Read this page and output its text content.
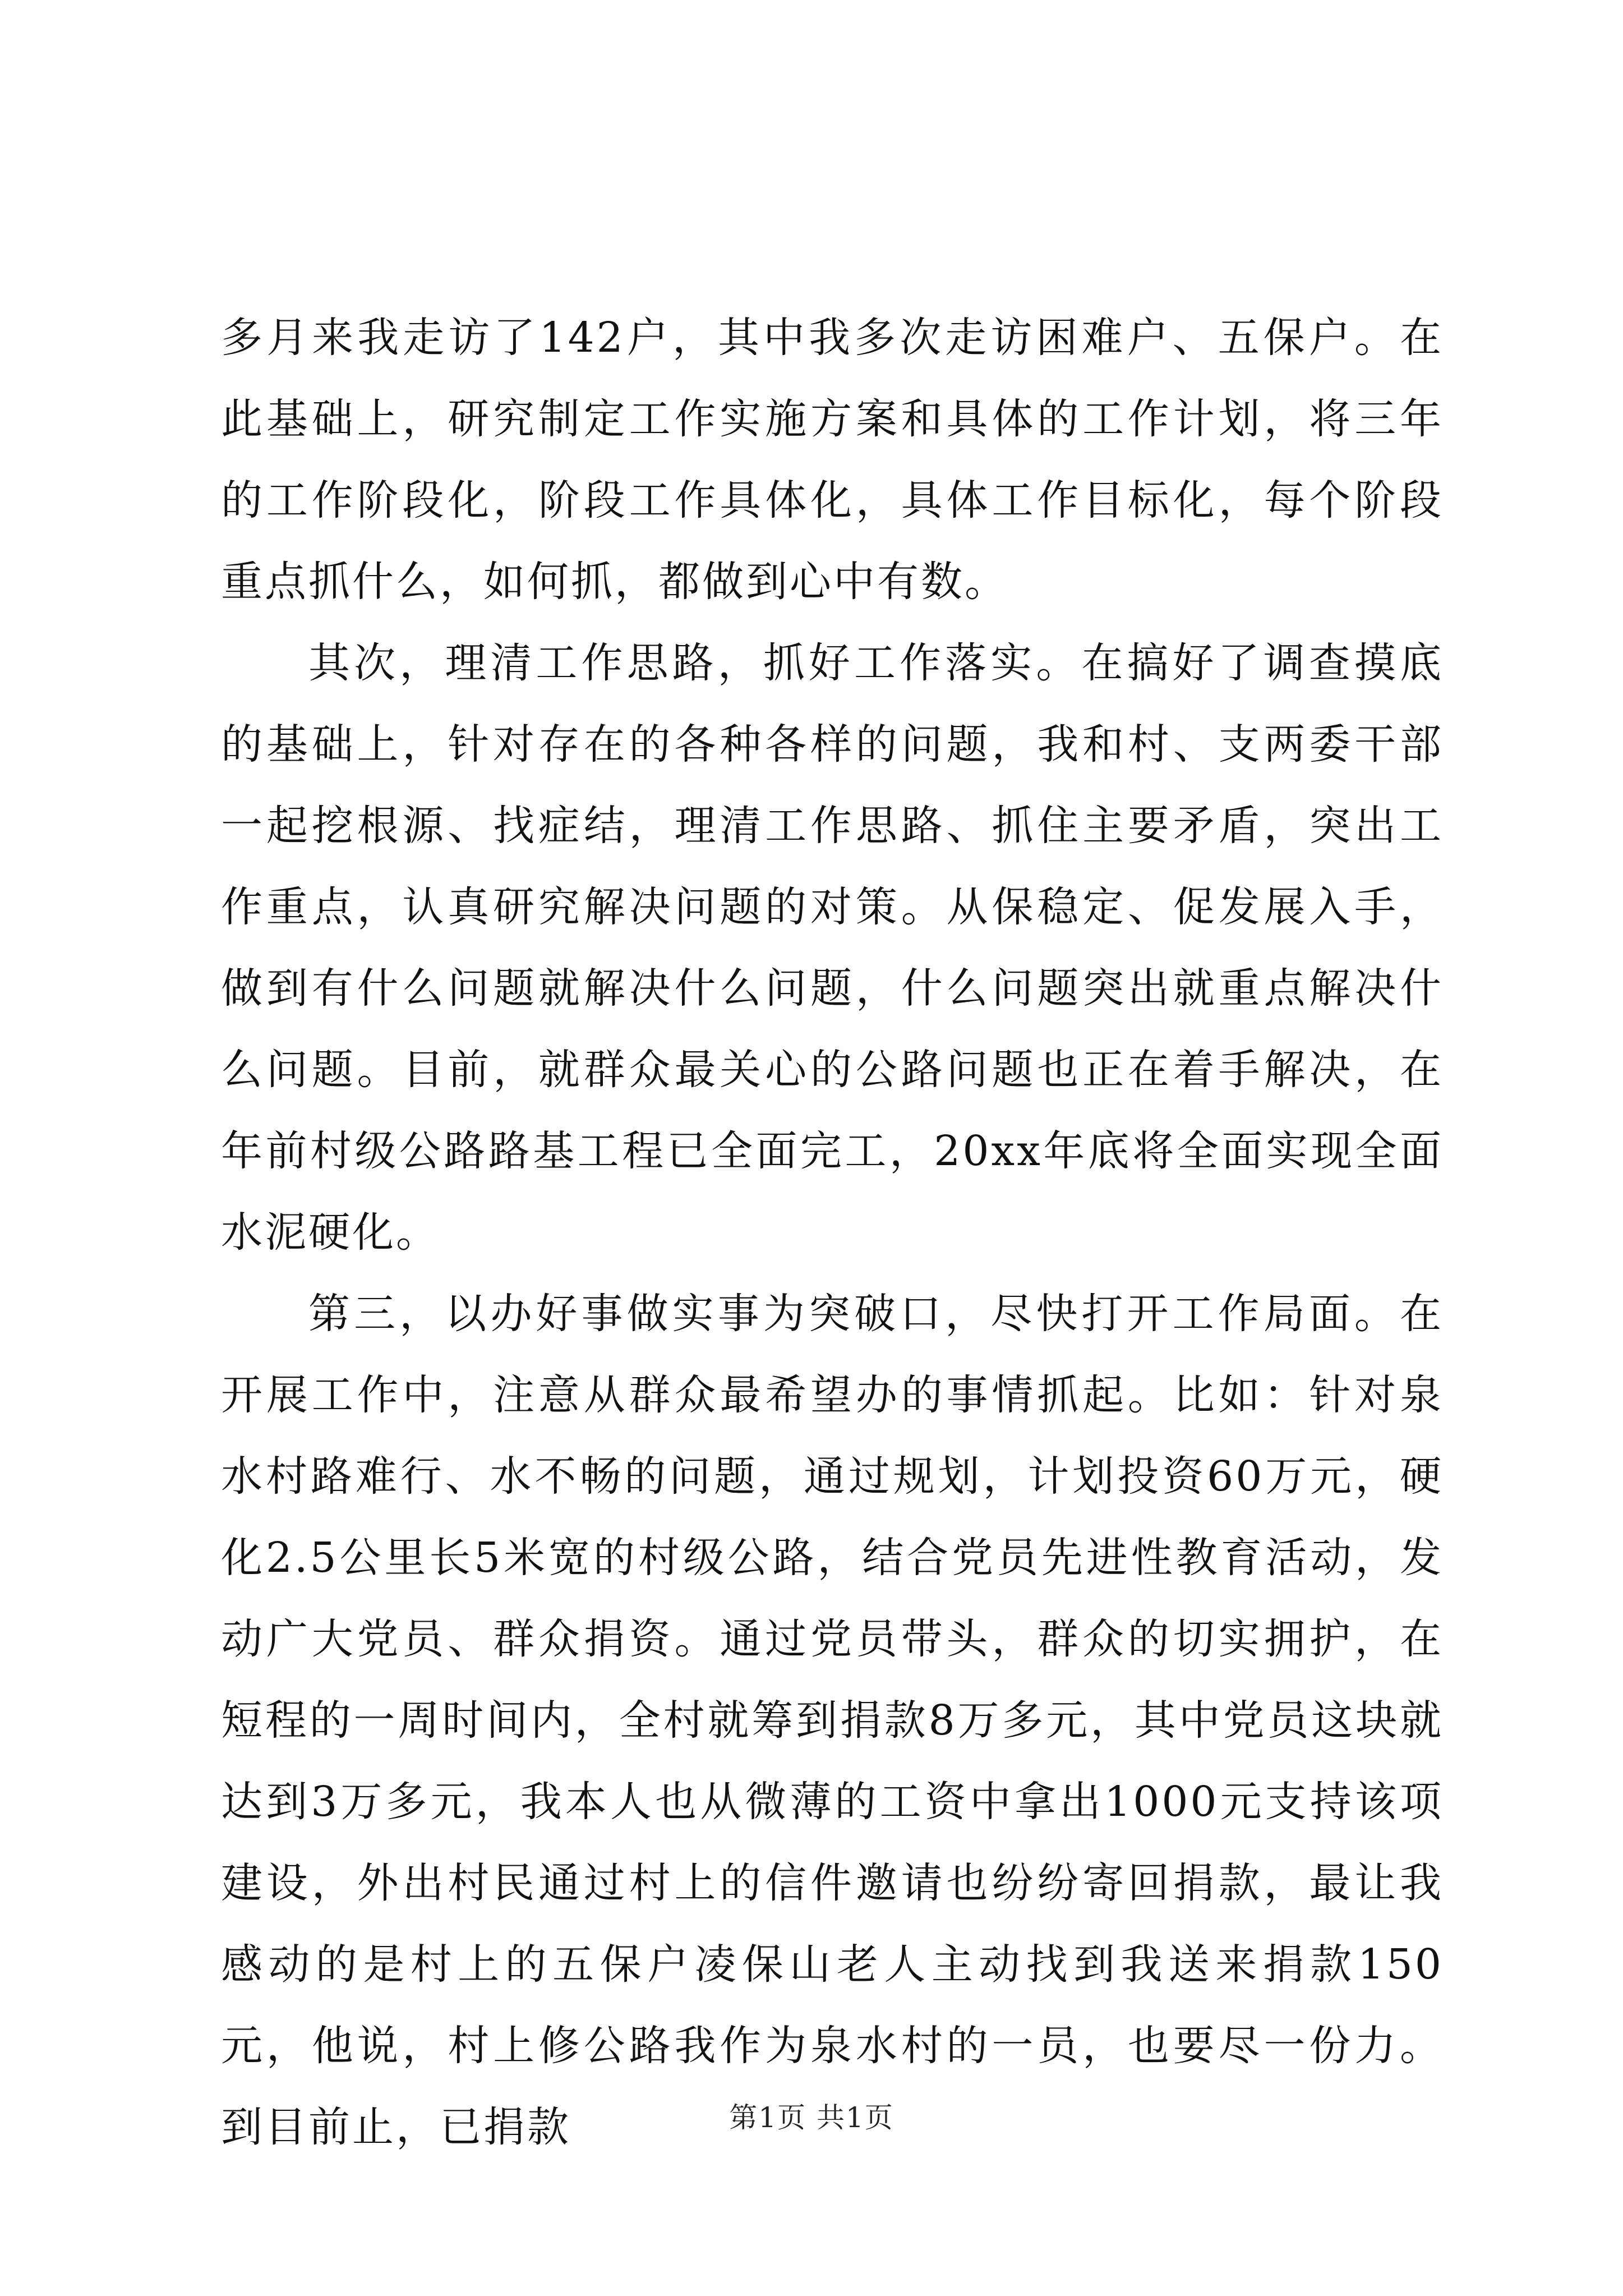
多月来我走访了142户，其中我多次走访困难户、五保户。在此基础上，研究制定工作实施方案和具体的工作计划，将三年的工作阶段化，阶段工作具体化，具体工作目标化，每个阶段重点抓什么，如何抓，都做到心中有数。

其次，理清工作思路，抓好工作落实。在搞好了调查摸底的基础上，针对存在的各种各样的问题，我和村、支两委干部一起挖根源、找症结，理清工作思路、抓住主要矛盾，突出工作重点，认真研究解决问题的对策。从保稳定、促发展入手，做到有什么问题就解决什么问题，什么问题突出就重点解决什么问题。目前，就群众最关心的公路问题也正在着手解决，在年前村级公路路基工程已全面完工，20xx年底将全面实现全面水泥硬化。

第三，以办好事做实事为突破口，尽快打开工作局面。在开展工作中，注意从群众最希望办的事情抓起。比如：针对泉水村路难行、水不畅的问题，通过规划，计划投资60万元，硬化2.5公里长5米宽的村级公路，结合党员先进性教育活动，发动广大党员、群众捐资。通过党员带头，群众的切实拥护，在短程的一周时间内，全村就筹到捐款8万多元，其中党员这块就达到3万多元，我本人也从微薄的工资中拿出1000元支持该项建设，外出村民通过村上的信件邀请也纷纷寄回捐款，最让我感动的是村上的五保户凌保山老人主动找到我送来捐款150元，他说，村上修公路我作为泉水村的一员，也要尽一份力。到目前止，已捐款	第1页 共1页
